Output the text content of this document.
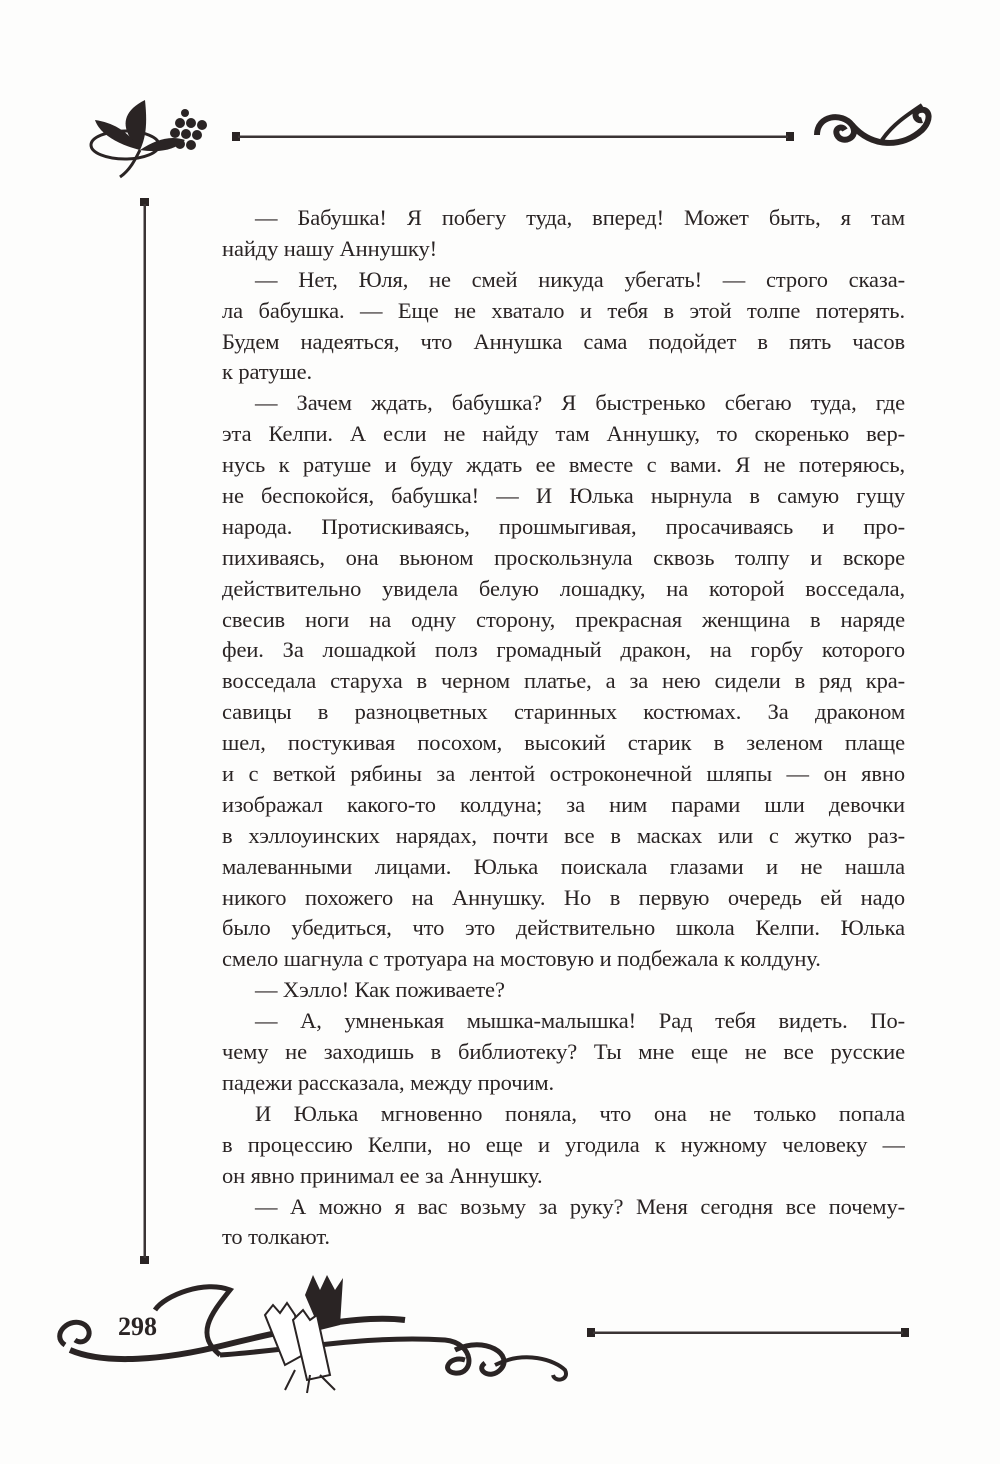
— Бабушка! Я побегу туда, вперед! Может быть, я там
найду нашу Аннушку!
— Нет, Юля, не смей никуда убегать! — строго сказа-
ла бабушка. — Еще не хватало и тебя в этой толпе потерять.
Будем надеяться, что Аннушка сама подойдет в пять часов
к ратуше.
— Зачем ждать, бабушка? Я быстренько сбегаю туда, где
эта Келпи. А если не найду там Аннушку, то скоренько вер-
нусь к ратуше и буду ждать ее вместе с вами. Я не потеряюсь,
не беспокойся, бабушка! — И Юлька нырнула в самую гущу
народа. Протискиваясь, прошмыгивая, просачиваясь и про-
пихиваясь, она вьюном проскользнула сквозь толпу и вскоре
действительно увидела белую лошадку, на которой восседала,
свесив ноги на одну сторону, прекрасная женщина в наряде
феи. За лошадкой полз громадный дракон, на горбу которого
восседала старуха в черном платье, а за нею сидели в ряд кра-
савицы в разноцветных старинных костюмах. За драконом
шел, постукивая посохом, высокий старик в зеленом плаще
и с веткой рябины за лентой остроконечной шляпы — он явно
изображал какого-то колдуна; за ним парами шли девочки
в хэллоуинских нарядах, почти все в масках или с жутко раз-
малеванными лицами. Юлька поискала глазами и не нашла
никого похожего на Аннушку. Но в первую очередь ей надо
было убедиться, что это действительно школа Келпи. Юлька
смело шагнула с тротуара на мостовую и подбежала к колдуну.
— Хэлло! Как поживаете?
— А, умненькая мышка-малышка! Рад тебя видеть. По-
чему не заходишь в библиотеку? Ты мне еще не все русские
падежи рассказала, между прочим.
И Юлька мгновенно поняла, что она не только попала
в процессию Келпи, но еще и угодила к нужному человеку —
он явно принимал ее за Аннушку.
— А можно я вас возьму за руку? Меня сегодня все почему-
то толкают.
298
